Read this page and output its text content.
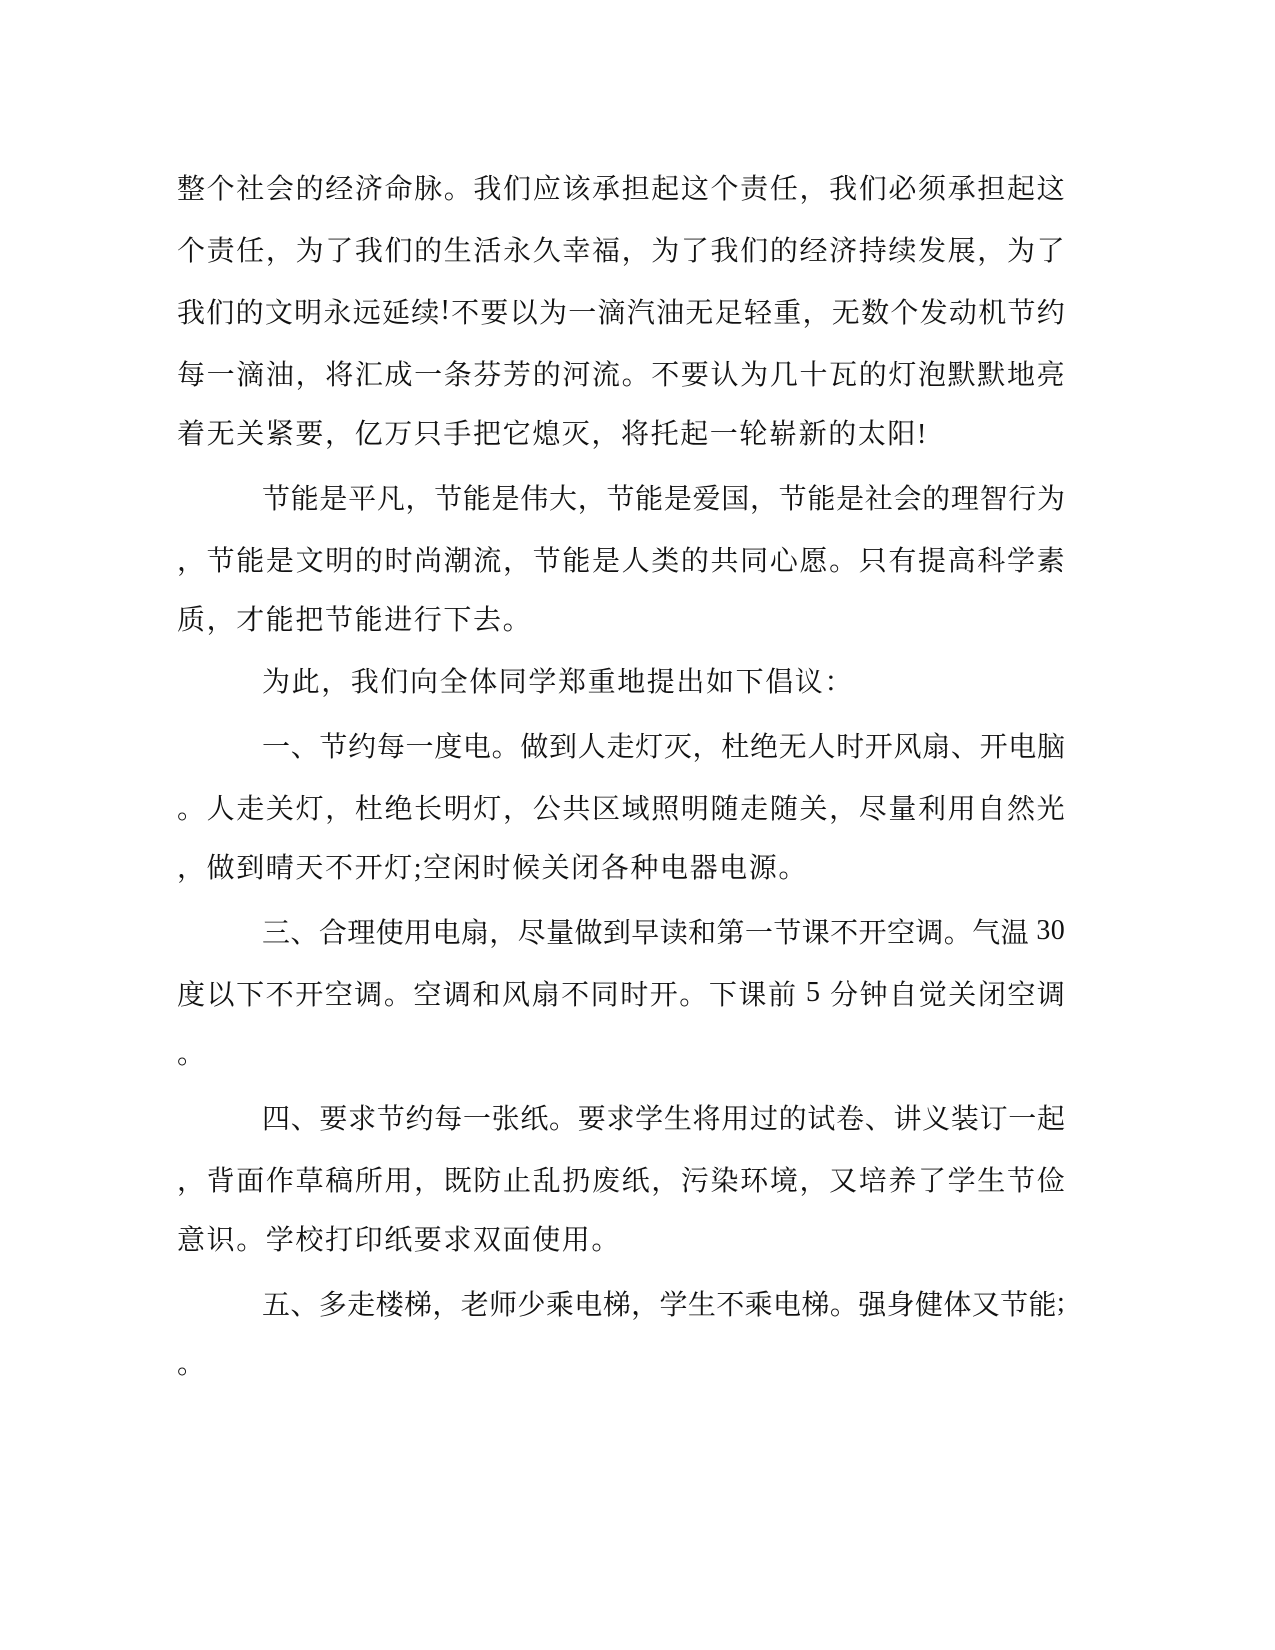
整 个 社 会 的 经 济 命 脉 。 我 们 应 该 承 担 起 这 个 责 任 ， 我 们 必 须 承 担 起 这
个 责 任 ， 为 了 我 们 的 生 活 永 久 幸 福 ， 为 了 我 们 的 经 济 持 续 发 展 ， 为 了
我 们 的 文 明 永 远 延 续 ! 不 要 以 为 一 滴 汽 油 无 足 轻 重 ， 无 数 个 发 动 机 节 约
每 一 滴 油 ， 将 汇 成 一 条 芬 芳 的 河 流 。 不 要 认 为 几 十 瓦 的 灯 泡 默 默 地 亮
着无关紧要，亿万只手把它熄灭，将托起一轮崭新的太阳!
节 能 是 平 凡 ， 节 能 是 伟 大 ， 节 能 是 爱 国 ， 节 能 是 社 会 的 理 智 行 为
， 节 能 是 文 明 的 时 尚 潮 流 ， 节 能 是 人 类 的 共 同 心 愿 。 只 有 提 高 科 学 素
质，才能把节能进行下去。
为此，我们向全体同学郑重地提出如下倡议：
一 、 节 约 每 一 度 电 。 做 到 人 走 灯 灭 ， 杜 绝 无 人 时 开 风 扇 、 开 电 脑
。 人 走 关 灯 ， 杜 绝 长 明 灯 ， 公 共 区 域 照 明 随 走 随 关 ， 尽 量 利 用 自 然 光
，做到晴天不开灯;空闲时候关闭各种电器电源。
三 、 合 理 使 用 电 扇 ， 尽 量 做 到 早 读 和 第 一 节 课 不 开 空 调 。 气 温
3 0
度 以 下 不 开 空 调 。 空 调 和 风 扇 不 同 时 开 。 下 课 前
5
分 钟 自 觉 关 闭 空 调
。
四 、 要 求 节 约 每 一 张 纸 。 要 求 学 生 将 用 过 的 试 卷 、 讲 义 装 订 一 起
， 背 面 作 草 稿 所 用 ， 既 防 止 乱 扔 废 纸 ， 污 染 环 境 ， 又 培 养 了 学 生 节 俭
意识。学校打印纸要求双面使用。
五 、 多 走 楼 梯 ， 老 师 少 乘 电 梯 ， 学 生 不 乘 电 梯 。 强 身 健 体 又 节 能 ;
。
